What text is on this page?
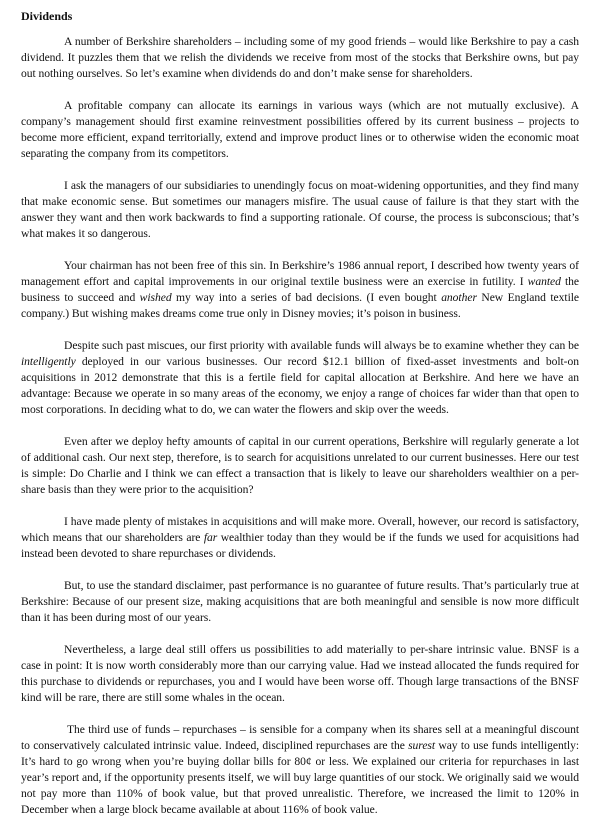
Dividends

A number of Berkshire shareholders – including some of my good friends – would like Berkshire to pay a cash dividend. It puzzles them that we relish the dividends we receive from most of the stocks that Berkshire owns, but pay out nothing ourselves. So let’s examine when dividends do and don’t make sense for shareholders.

A profitable company can allocate its earnings in various ways (which are not mutually exclusive). A company’s management should first examine reinvestment possibilities offered by its current business – projects to become more efficient, expand territorially, extend and improve product lines or to otherwise widen the economic moat separating the company from its competitors.

I ask the managers of our subsidiaries to unendingly focus on moat-widening opportunities, and they find many that make economic sense. But sometimes our managers misfire. The usual cause of failure is that they start with the answer they want and then work backwards to find a supporting rationale. Of course, the process is subconscious; that’s what makes it so dangerous.

Your chairman has not been free of this sin. In Berkshire’s 1986 annual report, I described how twenty years of management effort and capital improvements in our original textile business were an exercise in futility. I wanted the business to succeed and wished my way into a series of bad decisions. (I even bought another New England textile company.) But wishing makes dreams come true only in Disney movies; it’s poison in business.

Despite such past miscues, our first priority with available funds will always be to examine whether they can be intelligently deployed in our various businesses. Our record $12.1 billion of fixed-asset investments and bolt-on acquisitions in 2012 demonstrate that this is a fertile field for capital allocation at Berkshire. And here we have an advantage: Because we operate in so many areas of the economy, we enjoy a range of choices far wider than that open to most corporations. In deciding what to do, we can water the flowers and skip over the weeds.

Even after we deploy hefty amounts of capital in our current operations, Berkshire will regularly generate a lot of additional cash. Our next step, therefore, is to search for acquisitions unrelated to our current businesses. Here our test is simple: Do Charlie and I think we can effect a transaction that is likely to leave our shareholders wealthier on a per-share basis than they were prior to the acquisition?

I have made plenty of mistakes in acquisitions and will make more. Overall, however, our record is satisfactory, which means that our shareholders are far wealthier today than they would be if the funds we used for acquisitions had instead been devoted to share repurchases or dividends.

But, to use the standard disclaimer, past performance is no guarantee of future results. That’s particularly true at Berkshire: Because of our present size, making acquisitions that are both meaningful and sensible is now more difficult than it has been during most of our years.

Nevertheless, a large deal still offers us possibilities to add materially to per-share intrinsic value. BNSF is a case in point: It is now worth considerably more than our carrying value. Had we instead allocated the funds required for this purchase to dividends or repurchases, you and I would have been worse off. Though large transactions of the BNSF kind will be rare, there are still some whales in the ocean.

The third use of funds – repurchases – is sensible for a company when its shares sell at a meaningful discount to conservatively calculated intrinsic value. Indeed, disciplined repurchases are the surest way to use funds intelligently: It’s hard to go wrong when you’re buying dollar bills for 80¢ or less. We explained our criteria for repurchases in last year’s report and, if the opportunity presents itself, we will buy large quantities of our stock. We originally said we would not pay more than 110% of book value, but that proved unrealistic. Therefore, we increased the limit to 120% in December when a large block became available at about 116% of book value.
